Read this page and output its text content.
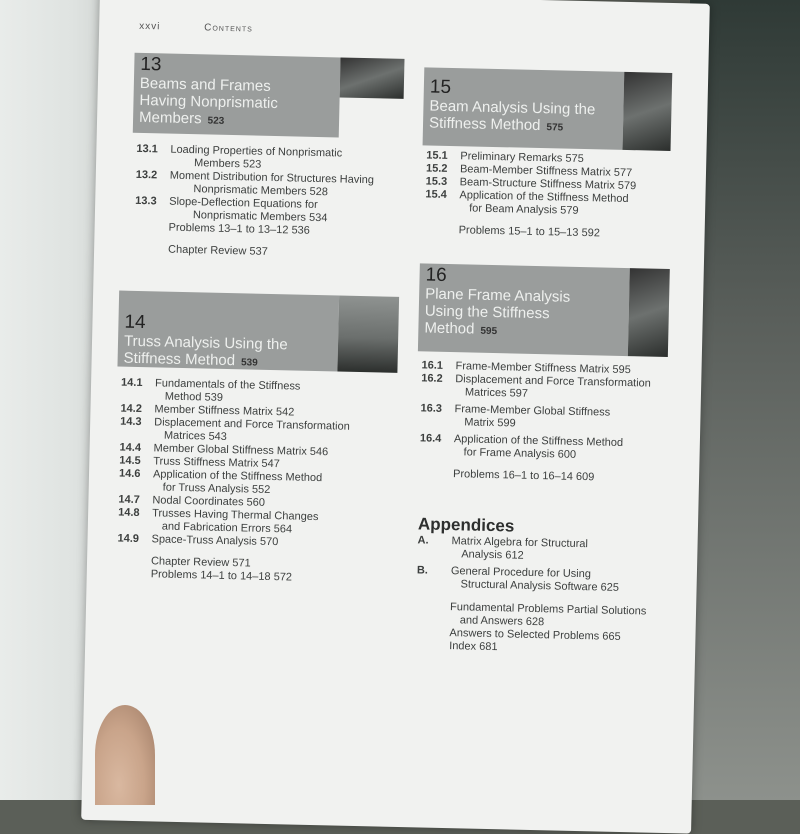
xxvi	Contents
13
Beams and Frames
Having Nonprismatic
Members 523
13.1 Loading Properties of Nonprismatic
Members 523
13.2 Moment Distribution for Structures Having
Nonprismatic Members 528
13.3 Slope-Deflection Equations for
Nonprismatic Members 534
Problems 13–1 to 13–12 536
Chapter Review 537
14
Truss Analysis Using the
Stiffness Method 539
14.1 Fundamentals of the Stiffness
Method 539
14.2 Member Stiffness Matrix 542
14.3 Displacement and Force Transformation
Matrices 543
14.4 Member Global Stiffness Matrix 546
14.5 Truss Stiffness Matrix 547
14.6 Application of the Stiffness Method
for Truss Analysis 552
14.7 Nodal Coordinates 560
14.8 Trusses Having Thermal Changes
and Fabrication Errors 564
14.9 Space-Truss Analysis 570
Chapter Review 571
Problems 14–1 to 14–18 572
15
Beam Analysis Using the
Stiffness Method 575
15.1 Preliminary Remarks 575
15.2 Beam-Member Stiffness Matrix 577
15.3 Beam-Structure Stiffness Matrix 579
15.4 Application of the Stiffness Method
for Beam Analysis 579
Problems 15–1 to 15–13 592
16
Plane Frame Analysis
Using the Stiffness
Method 595
16.1 Frame-Member Stiffness Matrix 595
16.2 Displacement and Force Transformation
Matrices 597
16.3 Frame-Member Global Stiffness
Matrix 599
16.4 Application of the Stiffness Method
for Frame Analysis 600
Problems 16–1 to 16–14 609
Appendices
A. Matrix Algebra for Structural
Analysis 612
B. General Procedure for Using
Structural Analysis Software 625
Fundamental Problems Partial Solutions
and Answers 628
Answers to Selected Problems 665
Index 681
